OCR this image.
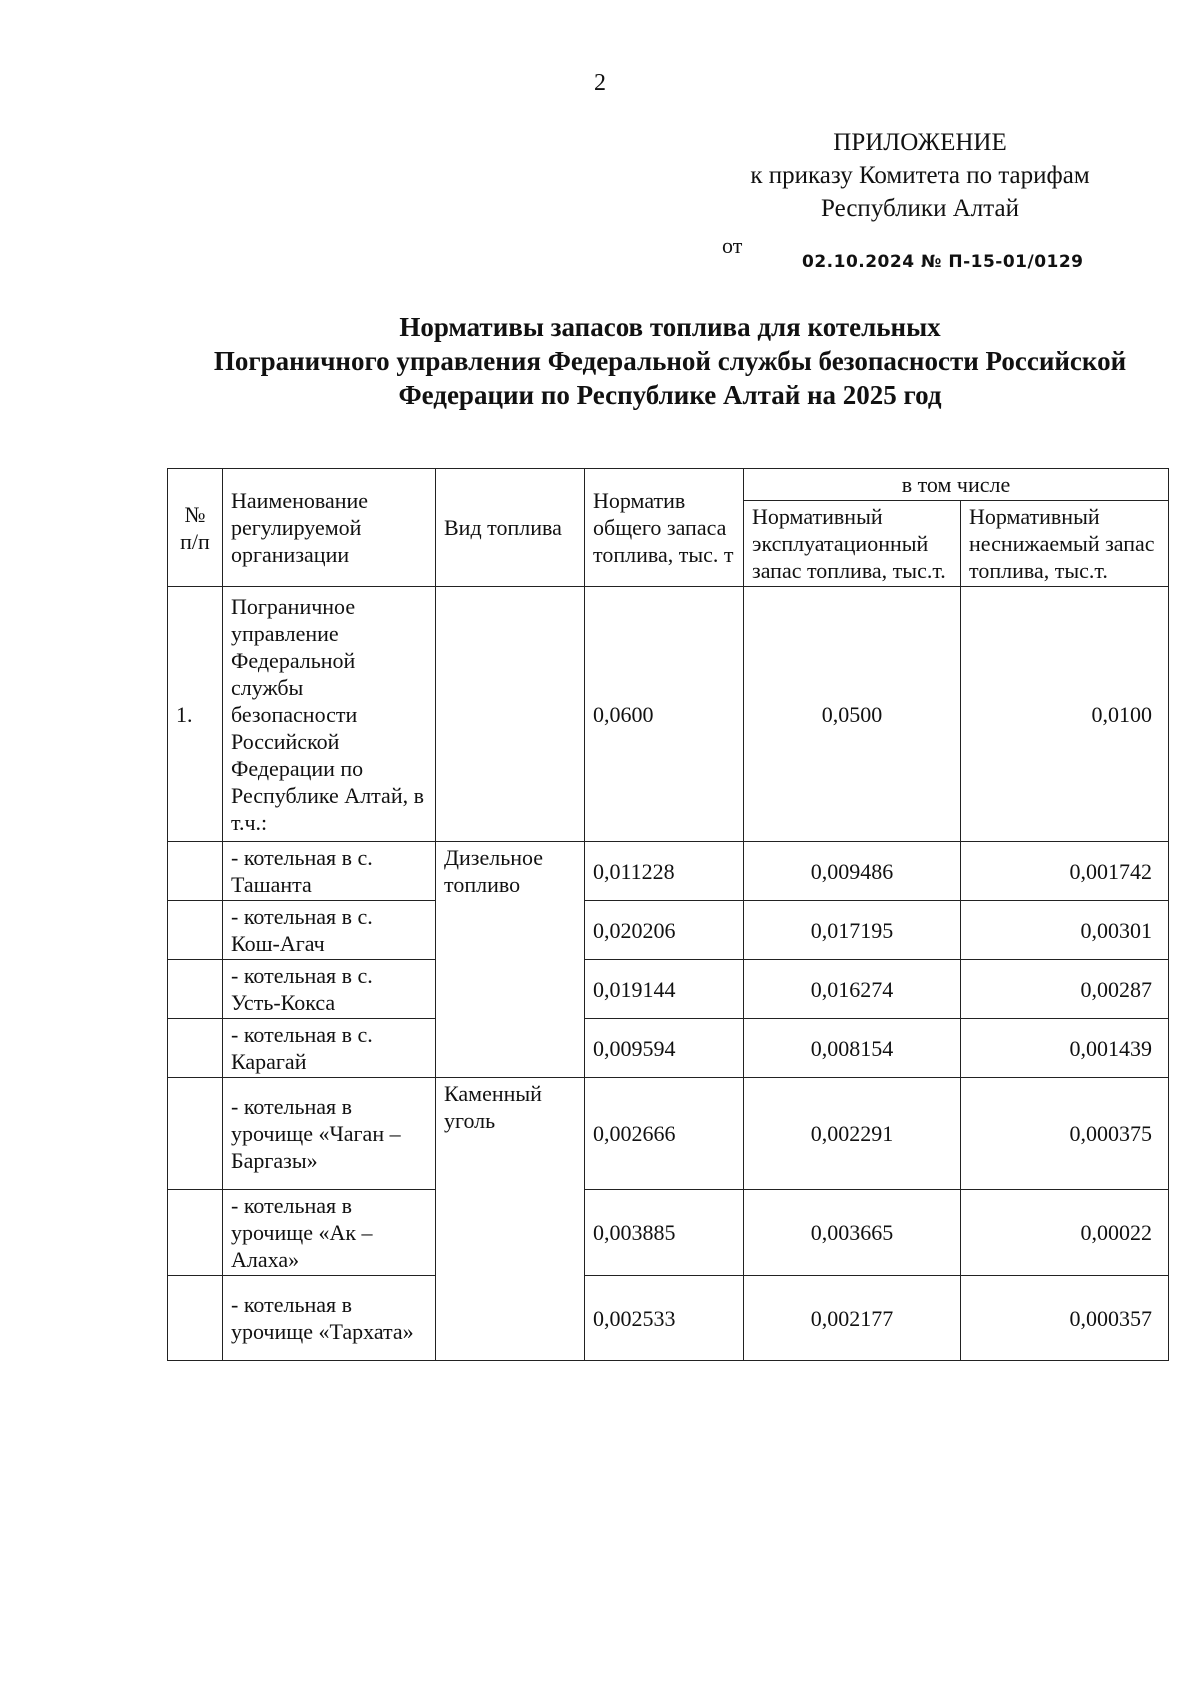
2
ПРИЛОЖЕНИЕ
к приказу Комитета по тарифам
Республики Алтай
от
02.10.2024 № П-15-01/0129
Нормативы запасов топлива для котельных
Пограничного управления Федеральной службы безопасности Российской
Федерации по Республике Алтай на 2025 год
№ п/п	Наименование регулируемой организации	Вид топлива	Норматив общего запаса топлива, тыс. т	в том числе	
				Нормативный эксплуатационный запас топлива, тыс.т.	Нормативный неснижаемый запас топлива, тыс.т.
1.	Пограничное управление Федеральной службы безопасности Российской Федерации по Республике Алтай, в т.ч.:		0,0600	0,0500	0,0100
	- котельная в с. Ташанта	Дизельное топливо	0,011228	0,009486	0,001742
	- котельная в с. Кош-Агач		0,020206	0,017195	0,00301
	- котельная в с. Усть-Кокса		0,019144	0,016274	0,00287
	- котельная в с. Карагай		0,009594	0,008154	0,001439
	- котельная в урочище «Чаган – Баргазы»	Каменный уголь	0,002666	0,002291	0,000375
	- котельная в урочище «Ак – Алаха»		0,003885	0,003665	0,00022
	- котельная в урочище «Тархата»		0,002533	0,002177	0,000357
